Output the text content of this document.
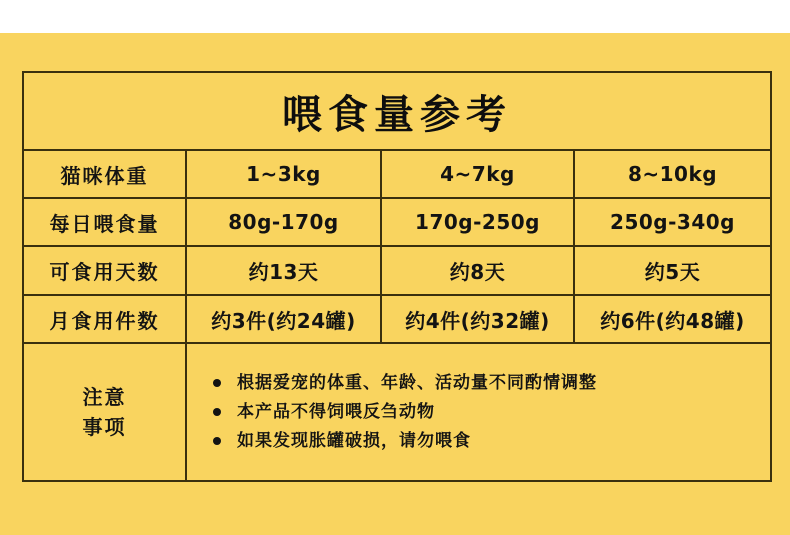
喂食量参考			
猫咪体重	1~3kg	4~7kg	8~10kg
每日喂食量	80g-170g	170g-250g	250g-340g
可食用天数	约13天	约8天	约5天
月食用件数	约3件(约24罐)	约4件(约32罐)	约6件(约48罐)

注意
事项

根据爱宠的体重、年龄、活动量不同酌情调整
本产品不得饲喂反刍动物
如果发现胀罐破损，请勿喂食
